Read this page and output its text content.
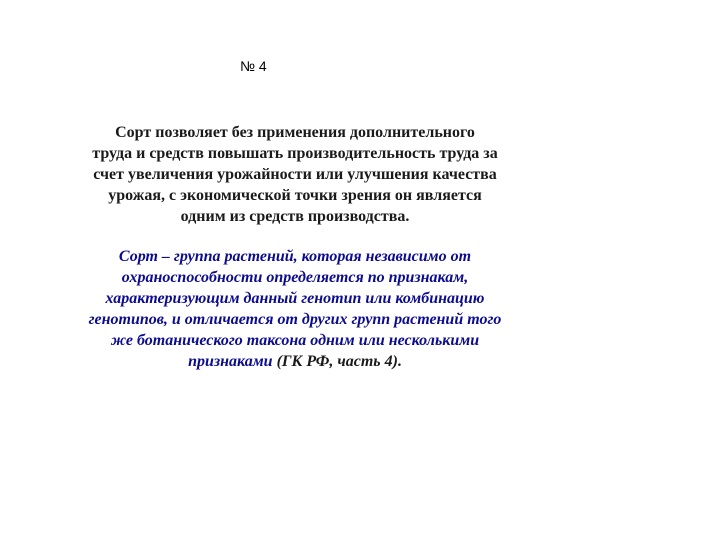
№ 4
Сорт позволяет без применения дополнительного
труда и средств повышать производительность труда за
счет увеличения урожайности или улучшения качества
урожая, с экономической точки зрения он является
одним из средств производства.
Сорт – группа растений, которая независимо от
охраноспособности определяется по признакам,
характеризующим данный генотип или комбинацию
генотипов, и отличается от других групп растений того
же ботанического таксона одним или несколькими
признаками (ГК РФ, часть 4).
